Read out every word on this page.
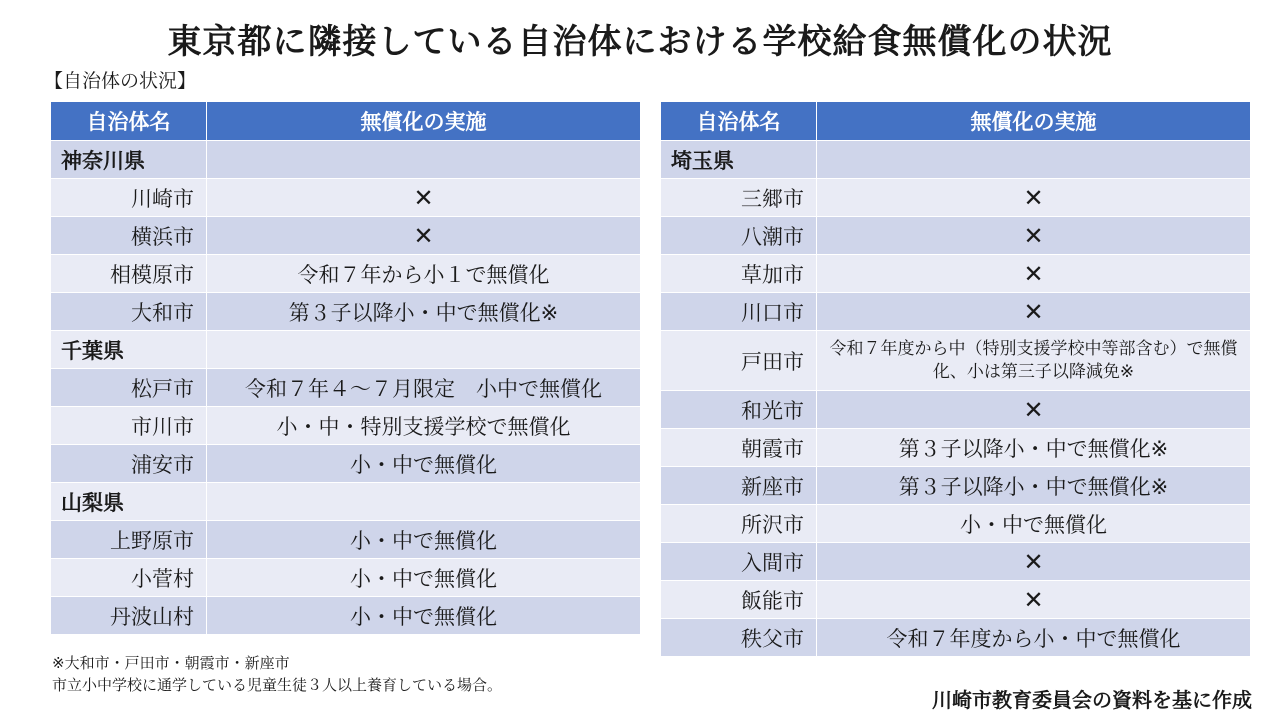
東京都に隣接している自治体における学校給食無償化の状況
【自治体の状況】
自治体名	無償化の実施
神奈川県	
川崎市	✕
横浜市	✕
相模原市	令和７年から小１で無償化
大和市	第３子以降小・中で無償化※
千葉県	
松戸市	令和７年４～７月限定　小中で無償化
市川市	小・中・特別支援学校で無償化
浦安市	小・中で無償化
山梨県	
上野原市	小・中で無償化
小菅村	小・中で無償化
丹波山村	小・中で無償化
自治体名	無償化の実施
埼玉県	
三郷市	✕
八潮市	✕
草加市	✕
川口市	✕
戸田市	令和７年度から中（特別支援学校中等部含む）で無償化、小は第三子以降減免※
和光市	✕
朝霞市	第３子以降小・中で無償化※
新座市	第３子以降小・中で無償化※
所沢市	小・中で無償化
入間市	✕
飯能市	✕
秩父市	令和７年度から小・中で無償化
※大和市・戸田市・朝霞市・新座市
市立小中学校に通学している児童生徒３人以上養育している場合。
川崎市教育委員会の資料を基に作成
